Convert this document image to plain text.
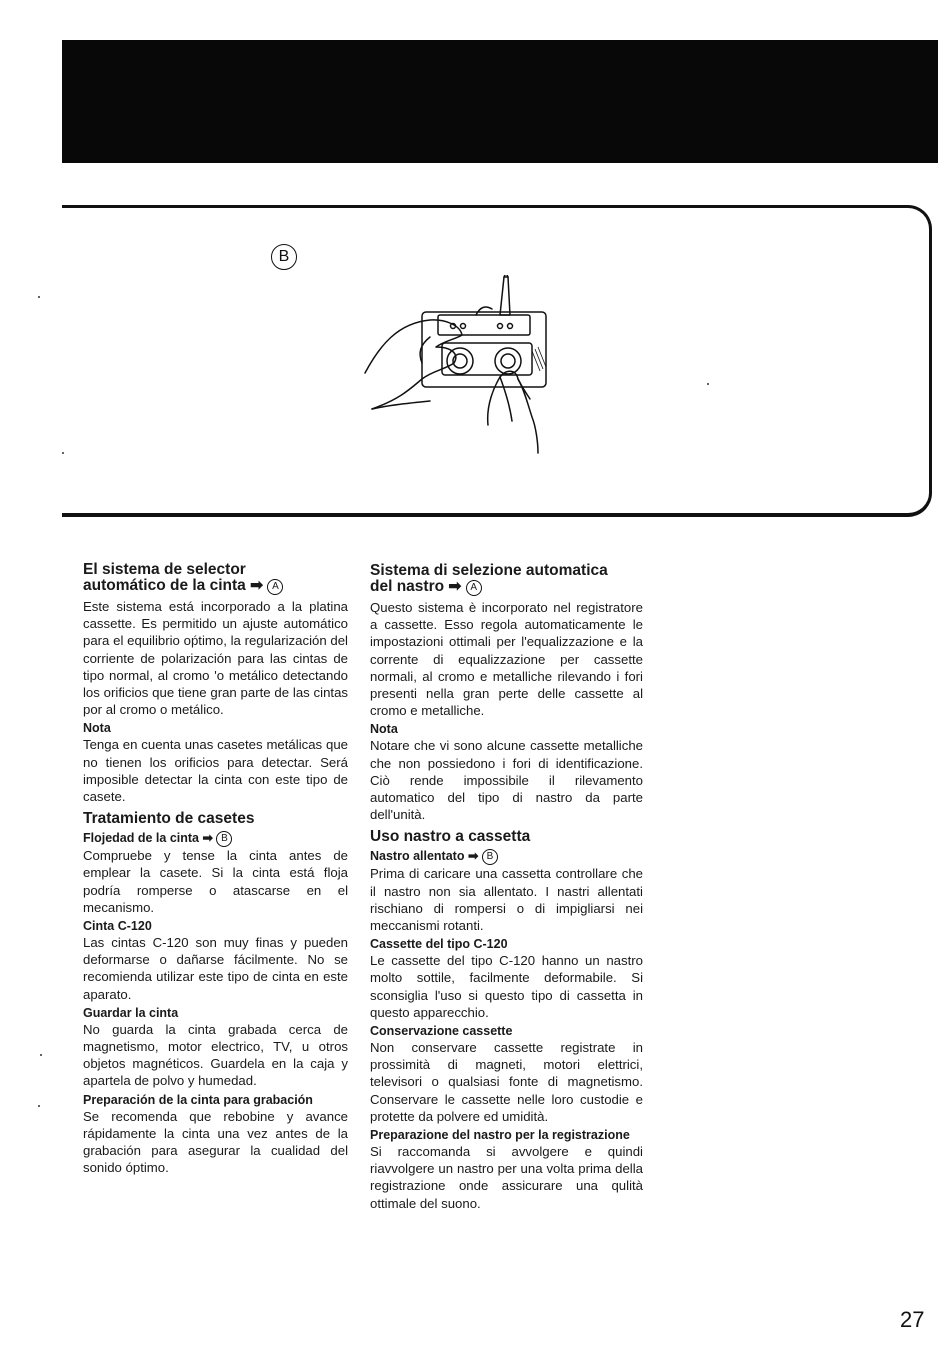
B
El sistema de selector
automático de la cinta ➡ A

Este sistema está incorporado a la platina cassette. Es permitido un ajuste automático para el equilibrio oṕtimo, la regularización del corriente de polarización para las cintas de tipo normal, al cromo 'o metálico detectando los orificios que tiene gran parte de las cintas por al cromo o metálico.

Nota

Tenga en cuenta unas casetes metálicas que no tienen los orificios para detectar. Será imposible detectar la cinta con este tipo de casete.

Tratamiento de casetes
Flojedad de la cinta ➡ B

Compruebe y tense la cinta antes de emplear la casete. Si la cinta está floja podría romperse o atascarse en el mecanismo.

Cinta C-120

Las cintas C-120 son muy finas y pueden deformarse o dañarse fácilmente. No se recomienda utilizar este tipo de cinta en este aparato.

Guardar la cinta

No guarda la cinta grabada cerca de magnetismo, motor electrico, TV, u otros objetos magnéticos. Guardela en la caja y apartela de polvo y humedad.

Preparación de la cinta para grabación

Se recomenda que rebobine y avance rápidamente la cinta una vez antes de la grabación para asegurar la cualidad del sonido óptimo.

Sistema di selezione automatica
del nastro ➡ A

Questo sistema è incorporato nel registratore a cassette. Esso regola automaticamente le impostazioni ottimali per l'equalizzazione e la corrente di equalizzazione per cassette normali, al cromo e metalliche rilevando i fori presenti nella gran perte delle cassette al cromo e metalliche.

Nota

Notare che vi sono alcune cassette metalliche che non possiedono i fori di identificazione. Ciò rende impossibile il rilevamento automatico del tipo di nastro da parte dell'unità.

Uso nastro a cassetta
Nastro allentato ➡ B

Prima di caricare una cassetta controllare che il nastro non sia allentato. I nastri allentati rischiano di rompersi o di impigliarsi nei meccanismi rotanti.

Cassette del tipo C-120

Le cassette del tipo C-120 hanno un nastro molto sottile, facilmente deformabile. Si sconsiglia l'uso si questo tipo di cassetta in questo apparecchio.

Conservazione cassette

Non conservare cassette registrate in prossimità di magneti, motori elettrici, televisori o qualsiasi fonte di magnetismo. Conservare le cassette nelle loro custodie e protette da polvere ed umidità.

Preparazione del nastro per la registrazione

Si raccomanda si avvolgere e quindi riavvolgere un nastro per una volta prima della registrazione onde assicurare una qulità ottimale del suono.

27
